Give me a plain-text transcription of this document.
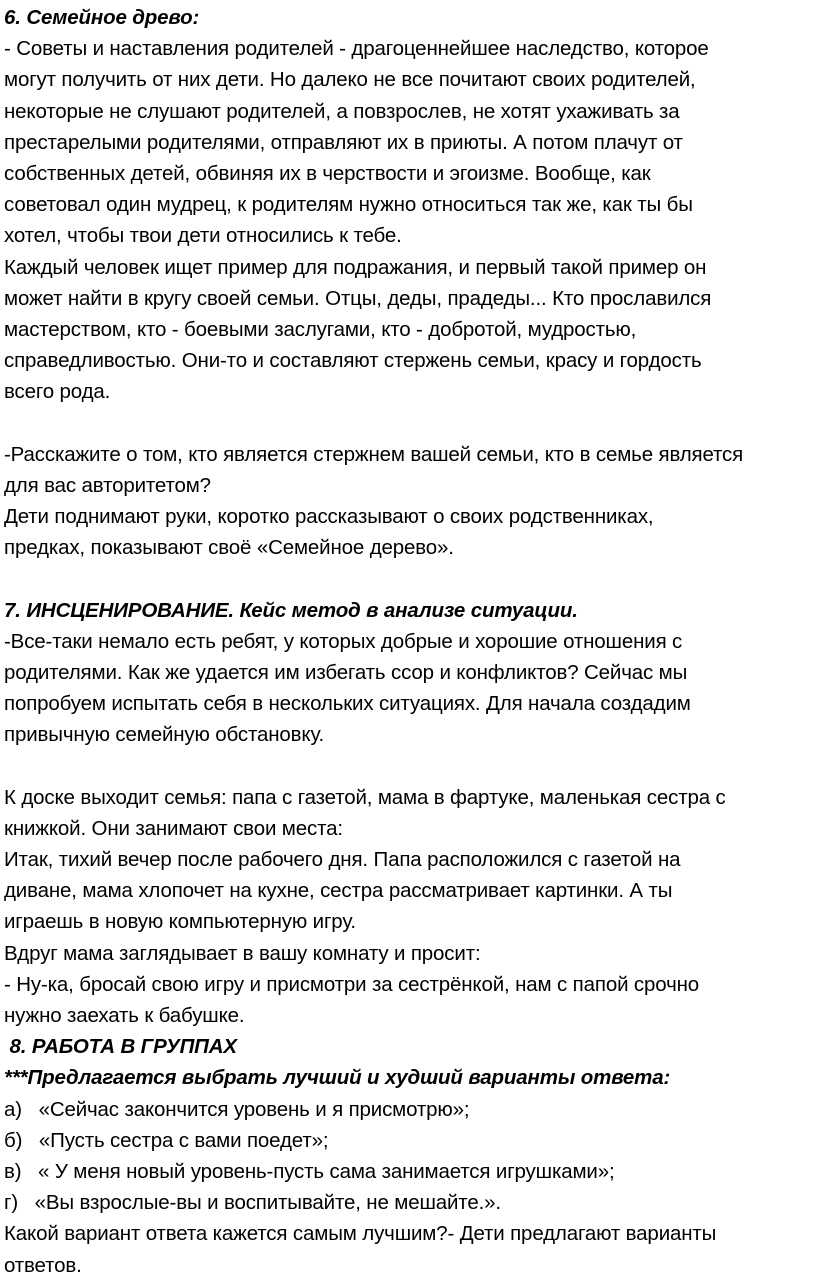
6. Семейное древо:
- Советы и наставления родителей - драгоценнейшее наследство, которое
могут получить от них дети. Но далеко не все почитают своих родителей,
некоторые не слушают родителей, а повзрослев, не хотят ухаживать за
престарелыми родителями, отправляют их в приюты. А потом плачут от
собственных детей, обвиняя их в черствости и эгоизме. Вообще, как
советовал один мудрец, к родителям нужно относиться так же, как ты бы
хотел, чтобы твои дети относились к тебе.
Каждый человек ищет пример для подражания, и первый такой пример он
может найти в кругу своей семьи. Отцы, деды, прадеды... Кто прославился
мастерством, кто - боевыми заслугами, кто - добротой, мудростью,
справедливостью. Они-то и составляют стержень семьи, красу и гордость
всего рода.
-Расскажите о том, кто является стержнем вашей семьи, кто в семье является
для вас авторитетом?
Дети поднимают руки, коротко рассказывают о своих родственниках,
предках, показывают своё «Семейное дерево».
7. ИНСЦЕНИРОВАНИЕ. Кейс метод в анализе ситуации.
-Все-таки немало есть ребят, у которых добрые и хорошие отношения с
родителями. Как же удается им избегать ссор и конфликтов? Сейчас мы
попробуем испытать себя в нескольких ситуациях. Для начала создадим
привычную семейную обстановку.
К доске выходит семья: папа с газетой, мама в фартуке, маленькая сестра с
книжкой. Они занимают свои места:
Итак, тихий вечер после рабочего дня. Папа расположился с газетой на
диване, мама хлопочет на кухне, сестра рассматривает картинки. А ты
играешь в новую компьютерную игру.
Вдруг мама заглядывает в вашу комнату и просит:
- Ну-ка, бросай свою игру и присмотри за сестрёнкой, нам с папой срочно
нужно заехать к бабушке.
8. РАБОТА В ГРУППАХ
***Предлагается выбрать лучший и худший варианты ответа:
а)   «Сейчас закончится уровень и я присмотрю»;
б)   «Пусть сестра с вами поедет»;
в)   « У меня новый уровень-пусть сама занимается игрушками»;
г)   «Вы взрослые-вы и воспитывайте, не мешайте.».
Какой вариант ответа кажется самым лучшим?- Дети предлагают варианты
ответов.
